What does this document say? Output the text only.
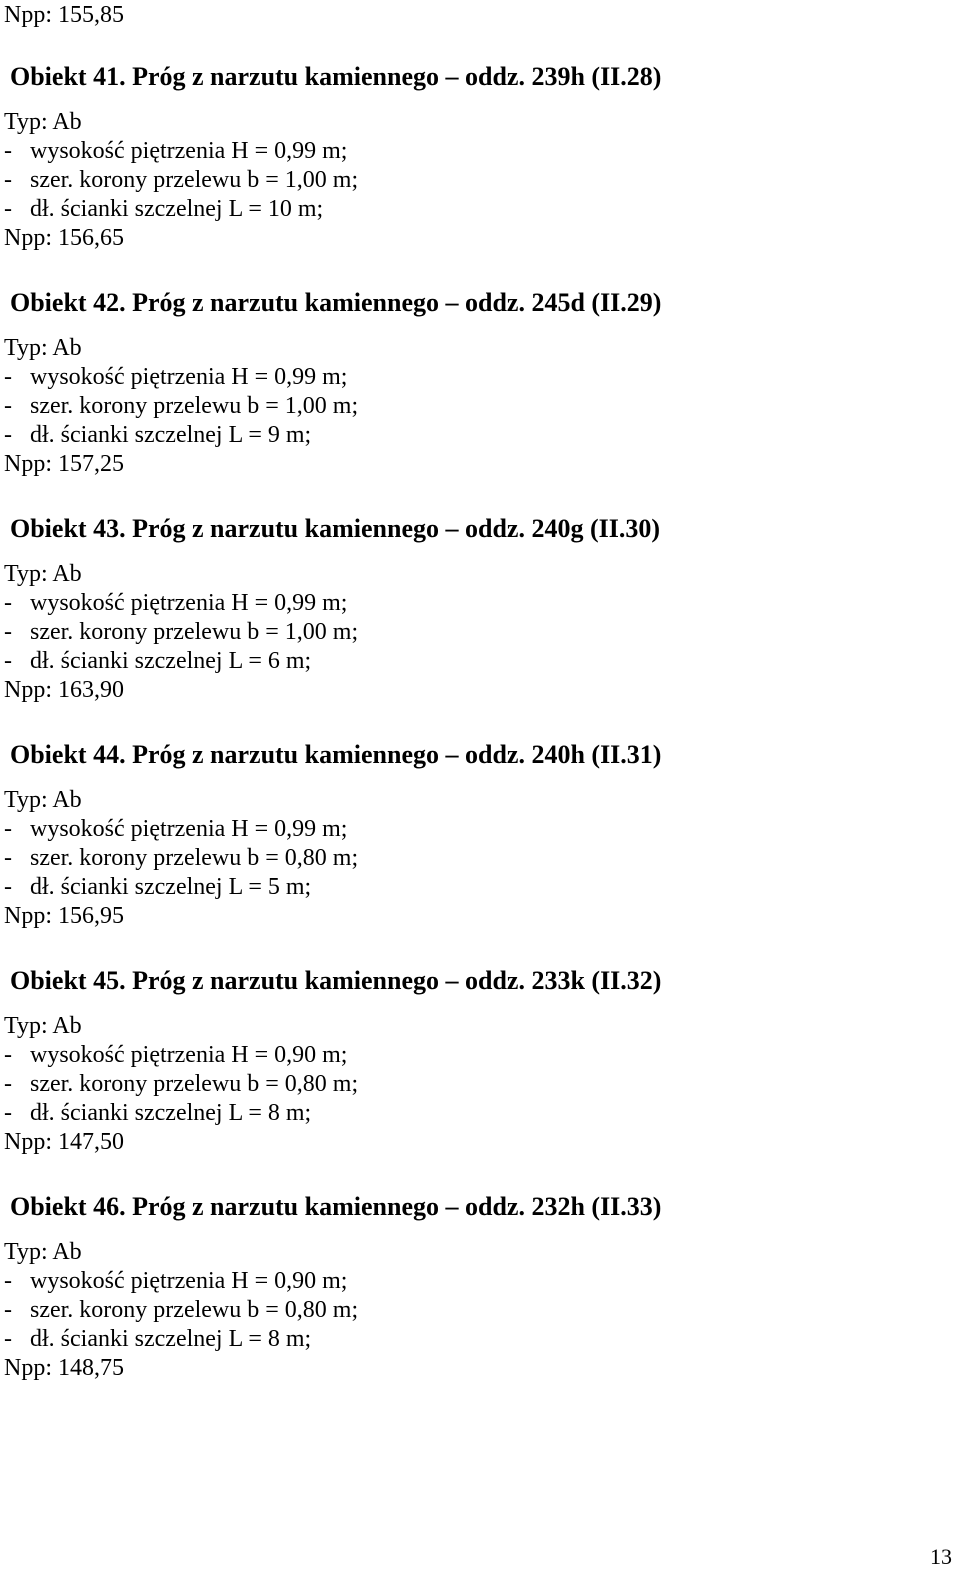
Npp: 155,85
Obiekt 41. Próg z narzutu kamiennego – oddz. 239h (II.28)
Typ: Ab
-   wysokość piętrzenia H = 0,99 m;
-   szer. korony przelewu b = 1,00 m;
-   dł. ścianki szczelnej L = 10 m;
Npp: 156,65
Obiekt 42. Próg z narzutu kamiennego – oddz. 245d (II.29)
Typ: Ab
-   wysokość piętrzenia H = 0,99 m;
-   szer. korony przelewu b = 1,00 m;
-   dł. ścianki szczelnej L = 9 m;
Npp: 157,25
Obiekt 43. Próg z narzutu kamiennego – oddz. 240g (II.30)
Typ: Ab
-   wysokość piętrzenia H = 0,99 m;
-   szer. korony przelewu b = 1,00 m;
-   dł. ścianki szczelnej L = 6 m;
Npp: 163,90
Obiekt 44. Próg z narzutu kamiennego – oddz. 240h (II.31)
Typ: Ab
-   wysokość piętrzenia H = 0,99 m;
-   szer. korony przelewu b = 0,80 m;
-   dł. ścianki szczelnej L = 5 m;
Npp: 156,95
Obiekt 45. Próg z narzutu kamiennego – oddz. 233k (II.32)
Typ: Ab
-   wysokość piętrzenia H = 0,90 m;
-   szer. korony przelewu b = 0,80 m;
-   dł. ścianki szczelnej L = 8 m;
Npp: 147,50
Obiekt 46. Próg z narzutu kamiennego – oddz. 232h (II.33)
Typ: Ab
-   wysokość piętrzenia H = 0,90 m;
-   szer. korony przelewu b = 0,80 m;
-   dł. ścianki szczelnej L = 8 m;
Npp: 148,75
13
